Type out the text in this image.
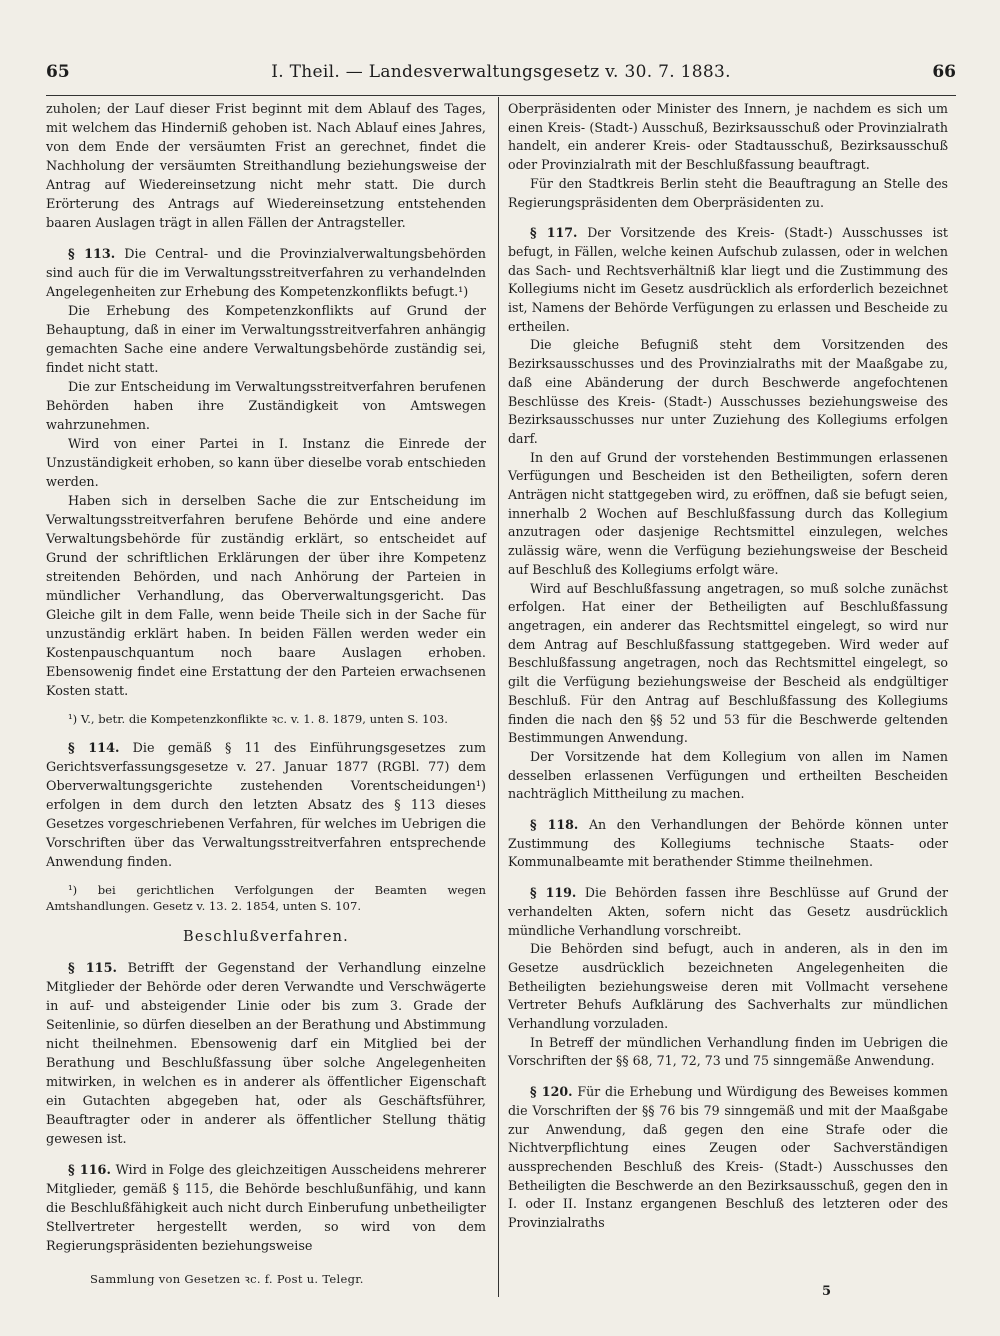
65	I. Theil. — Landesverwaltungsgesetz v. 30. 7. 1883.	66

zuholen; der Lauf dieser Frist beginnt mit dem Ablauf des Tages, mit welchem das Hinderniß gehoben ist. Nach Ablauf eines Jahres, von dem Ende der versäumten Frist an gerechnet, findet die Nachholung der versäumten Streithandlung beziehungsweise der Antrag auf Wiedereinsetzung nicht mehr statt. Die durch Erörterung des Antrags auf Wiedereinsetzung entstehenden baaren Auslagen trägt in allen Fällen der Antragsteller.

§ 113. Die Central- und die Provinzialverwaltungsbehörden sind auch für die im Verwaltungsstreitverfahren zu verhandelnden Angelegenheiten zur Erhebung des Kompetenzkonflikts befugt.¹)

Die Erhebung des Kompetenzkonflikts auf Grund der Behauptung, daß in einer im Verwaltungsstreitverfahren anhängig gemachten Sache eine andere Verwaltungsbehörde zuständig sei, findet nicht statt.

Die zur Entscheidung im Verwaltungsstreitverfahren berufenen Behörden haben ihre Zuständigkeit von Amtswegen wahrzunehmen.

Wird von einer Partei in I. Instanz die Einrede der Unzuständigkeit erhoben, so kann über dieselbe vorab entschieden werden.

Haben sich in derselben Sache die zur Entscheidung im Verwaltungsstreitverfahren berufene Behörde und eine andere Verwaltungsbehörde für zuständig erklärt, so entscheidet auf Grund der schriftlichen Erklärungen der über ihre Kompetenz streitenden Behörden, und nach Anhörung der Parteien in mündlicher Verhandlung, das Oberverwaltungsgericht. Das Gleiche gilt in dem Falle, wenn beide Theile sich in der Sache für unzuständig erklärt haben. In beiden Fällen werden weder ein Kostenpauschquantum noch baare Auslagen erhoben. Ebensowenig findet eine Erstattung der den Parteien erwachsenen Kosten statt.

¹) V., betr. die Kompetenzkonflikte ꝛc. v. 1. 8. 1879, unten S. 103.

§ 114. Die gemäß § 11 des Einführungsgesetzes zum Gerichtsverfassungsgesetze v. 27. Januar 1877 (RGBl. 77) dem Oberverwaltungsgerichte zustehenden Vorentscheidungen¹) erfolgen in dem durch den letzten Absatz des § 113 dieses Gesetzes vorgeschriebenen Verfahren, für welches im Uebrigen die Vorschriften über das Verwaltungsstreitverfahren entsprechende Anwendung finden.

¹) bei gerichtlichen Verfolgungen der Beamten wegen Amtshandlungen. Gesetz v. 13. 2. 1854, unten S. 107.

Beschlußverfahren.

§ 115. Betrifft der Gegenstand der Verhandlung einzelne Mitglieder der Behörde oder deren Verwandte und Verschwägerte in auf- und absteigender Linie oder bis zum 3. Grade der Seitenlinie, so dürfen dieselben an der Berathung und Abstimmung nicht theilnehmen. Ebensowenig darf ein Mitglied bei der Berathung und Beschlußfassung über solche Angelegenheiten mitwirken, in welchen es in anderer als öffentlicher Eigenschaft ein Gutachten abgegeben hat, oder als Geschäftsführer, Beauftragter oder in anderer als öffentlicher Stellung thätig gewesen ist.

§ 116. Wird in Folge des gleichzeitigen Ausscheidens mehrerer Mitglieder, gemäß § 115, die Behörde beschlußunfähig, und kann die Beschlußfähigkeit auch nicht durch Einberufung unbetheiligter Stellvertreter hergestellt werden, so wird von dem Regierungspräsidenten beziehungsweise

Oberpräsidenten oder Minister des Innern, je nachdem es sich um einen Kreis- (Stadt-) Ausschuß, Bezirksausschuß oder Provinzialrath handelt, ein anderer Kreis- oder Stadtausschuß, Bezirksausschuß oder Provinzialrath mit der Beschlußfassung beauftragt.

Für den Stadtkreis Berlin steht die Beauftragung an Stelle des Regierungspräsidenten dem Oberpräsidenten zu.

§ 117. Der Vorsitzende des Kreis- (Stadt-) Ausschusses ist befugt, in Fällen, welche keinen Aufschub zulassen, oder in welchen das Sach- und Rechtsverhältniß klar liegt und die Zustimmung des Kollegiums nicht im Gesetz ausdrücklich als erforderlich bezeichnet ist, Namens der Behörde Verfügungen zu erlassen und Bescheide zu ertheilen.

Die gleiche Befugniß steht dem Vorsitzenden des Bezirksausschusses und des Provinzialraths mit der Maaßgabe zu, daß eine Abänderung der durch Beschwerde angefochtenen Beschlüsse des Kreis- (Stadt-) Ausschusses beziehungsweise des Bezirksausschusses nur unter Zuziehung des Kollegiums erfolgen darf.

In den auf Grund der vorstehenden Bestimmungen erlassenen Verfügungen und Bescheiden ist den Betheiligten, sofern deren Anträgen nicht stattgegeben wird, zu eröffnen, daß sie befugt seien, innerhalb 2 Wochen auf Beschlußfassung durch das Kollegium anzutragen oder dasjenige Rechtsmittel einzulegen, welches zulässig wäre, wenn die Verfügung beziehungsweise der Bescheid auf Beschluß des Kollegiums erfolgt wäre.

Wird auf Beschlußfassung angetragen, so muß solche zunächst erfolgen. Hat einer der Betheiligten auf Beschlußfassung angetragen, ein anderer das Rechtsmittel eingelegt, so wird nur dem Antrag auf Beschlußfassung stattgegeben. Wird weder auf Beschlußfassung angetragen, noch das Rechtsmittel eingelegt, so gilt die Verfügung beziehungsweise der Bescheid als endgültiger Beschluß. Für den Antrag auf Beschlußfassung des Kollegiums finden die nach den §§ 52 und 53 für die Beschwerde geltenden Bestimmungen Anwendung.

Der Vorsitzende hat dem Kollegium von allen im Namen desselben erlassenen Verfügungen und ertheilten Bescheiden nachträglich Mittheilung zu machen.

§ 118. An den Verhandlungen der Behörde können unter Zustimmung des Kollegiums technische Staats- oder Kommunalbeamte mit berathender Stimme theilnehmen.

§ 119. Die Behörden fassen ihre Beschlüsse auf Grund der verhandelten Akten, sofern nicht das Gesetz ausdrücklich mündliche Verhandlung vorschreibt.

Die Behörden sind befugt, auch in anderen, als in den im Gesetze ausdrücklich bezeichneten Angelegenheiten die Betheiligten beziehungsweise deren mit Vollmacht versehene Vertreter Behufs Aufklärung des Sachverhalts zur mündlichen Verhandlung vorzuladen.

In Betreff der mündlichen Verhandlung finden im Uebrigen die Vorschriften der §§ 68, 71, 72, 73 und 75 sinngemäße Anwendung.

§ 120. Für die Erhebung und Würdigung des Beweises kommen die Vorschriften der §§ 76 bis 79 sinngemäß und mit der Maaßgabe zur Anwendung, daß gegen den eine Strafe oder die Nichtverpflichtung eines Zeugen oder Sachverständigen aussprechenden Beschluß des Kreis- (Stadt-) Ausschusses den Betheiligten die Beschwerde an den Bezirksausschuß, gegen den in I. oder II. Instanz ergangenen Beschluß des letzteren oder des Provinzialraths

Sammlung von Gesetzen ꝛc. f. Post u. Telegr.
5
